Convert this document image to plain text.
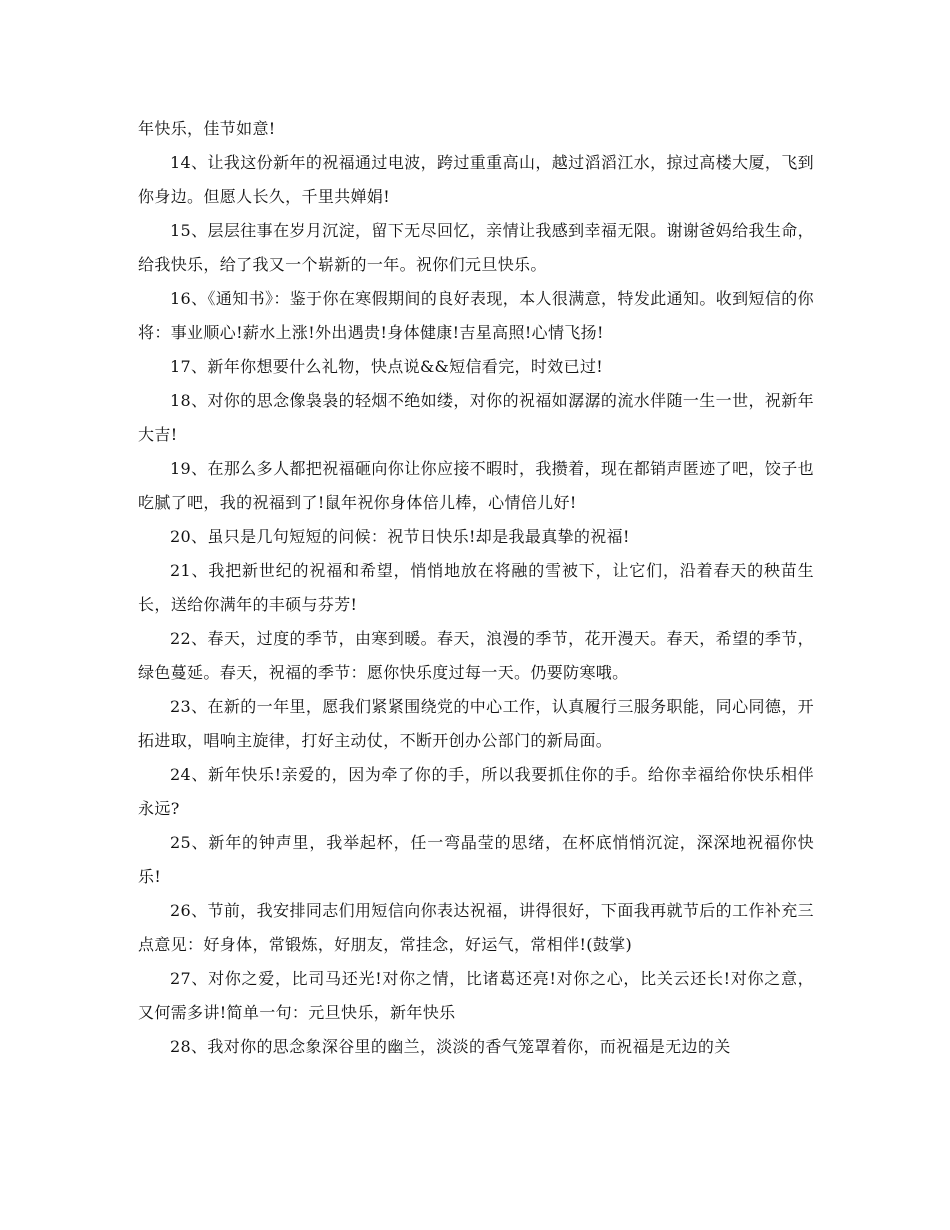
年快乐，佳节如意!

14、让我这份新年的祝福通过电波，跨过重重高山，越过滔滔江水，掠过高楼大厦，飞到你身边。但愿人长久，千里共婵娟!

15、层层往事在岁月沉淀，留下无尽回忆，亲情让我感到幸福无限。谢谢爸妈给我生命，给我快乐，给了我又一个崭新的一年。祝你们元旦快乐。

16、《通知书》：鉴于你在寒假期间的良好表现，本人很满意，特发此通知。收到短信的你将：事业顺心!薪水上涨!外出遇贵!身体健康!吉星高照!心情飞扬!

17、新年你想要什么礼物，快点说&&短信看完，时效已过!

18、对你的思念像袅袅的轻烟不绝如缕，对你的祝福如潺潺的流水伴随一生一世，祝新年大吉!

19、在那么多人都把祝福砸向你让你应接不暇时，我攒着，现在都销声匿迹了吧，饺子也吃腻了吧，我的祝福到了!鼠年祝你身体倍儿棒，心情倍儿好!

20、虽只是几句短短的问候：祝节日快乐!却是我最真挚的祝福!

21、我把新世纪的祝福和希望，悄悄地放在将融的雪被下，让它们，沿着春天的秧苗生长，送给你满年的丰硕与芬芳!

22、春天，过度的季节，由寒到暖。春天，浪漫的季节，花开漫天。春天，希望的季节，绿色蔓延。春天，祝福的季节：愿你快乐度过每一天。仍要防寒哦。

23、在新的一年里，愿我们紧紧围绕党的中心工作，认真履行三服务职能，同心同德，开拓进取，唱响主旋律，打好主动仗，不断开创办公部门的新局面。

24、新年快乐!亲爱的，因为牵了你的手，所以我要抓住你的手。给你幸福给你快乐相伴永远?

25、新年的钟声里，我举起杯，任一弯晶莹的思绪，在杯底悄悄沉淀，深深地祝福你快乐!

26、节前，我安排同志们用短信向你表达祝福，讲得很好，下面我再就节后的工作补充三点意见：好身体，常锻炼，好朋友，常挂念，好运气，常相伴!(鼓掌)

27、对你之爱，比司马还光!对你之情，比诸葛还亮!对你之心，比关云还长!对你之意，又何需多讲!简单一句：元旦快乐，新年快乐

28、我对你的思念象深谷里的幽兰，淡淡的香气笼罩着你，而祝福是无边的关
